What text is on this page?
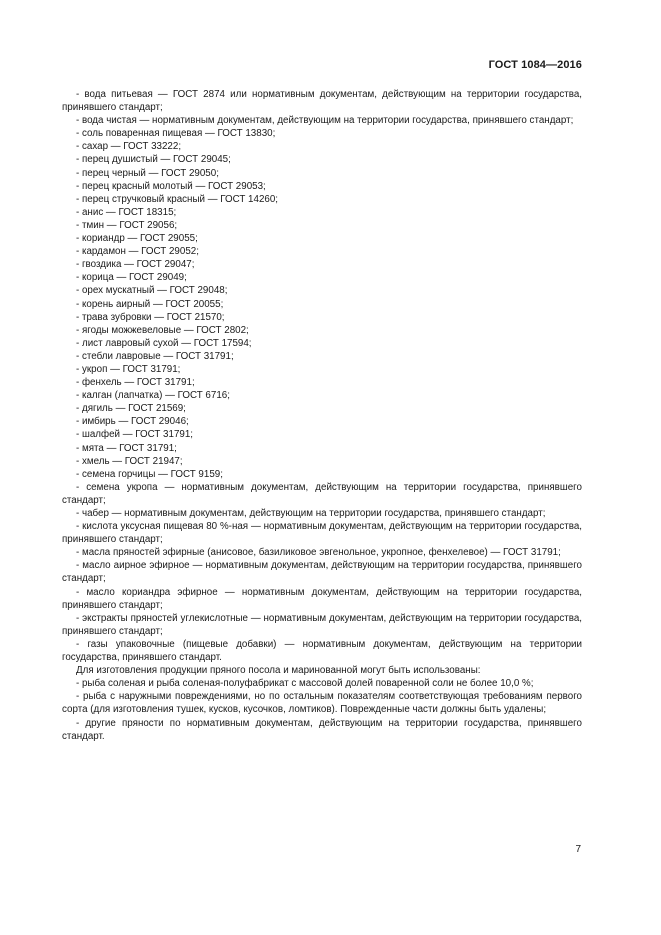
ГОСТ 1084—2016

- вода питьевая — ГОСТ 2874 или нормативным документам, действующим на территории государства, принявшего стандарт;

- вода чистая — нормативным документам, действующим на территории государства, принявшего стандарт;

- соль поваренная пищевая — ГОСТ 13830;

- сахар — ГОСТ 33222;

- перец душистый — ГОСТ 29045;

- перец черный — ГОСТ 29050;

- перец красный молотый — ГОСТ 29053;

- перец стручковый красный — ГОСТ 14260;

- анис — ГОСТ 18315;

- тмин — ГОСТ 29056;

- кориандр — ГОСТ 29055;

- кардамон — ГОСТ 29052;

- гвоздика — ГОСТ 29047;

- корица — ГОСТ 29049;

- орех мускатный — ГОСТ 29048;

- корень аирный — ГОСТ 20055;

- трава зубровки — ГОСТ 21570;

- ягоды можжевеловые — ГОСТ 2802;

- лист лавровый сухой — ГОСТ 17594;

- стебли лавровые — ГОСТ 31791;

- укроп — ГОСТ 31791;

- фенхель — ГОСТ 31791;

- калган (лапчатка) — ГОСТ 6716;

- дягиль — ГОСТ 21569;

- имбирь — ГОСТ 29046;

- шалфей — ГОСТ 31791;

- мята — ГОСТ 31791;

- хмель — ГОСТ 21947;

- семена горчицы — ГОСТ 9159;

- семена укропа — нормативным документам, действующим на территории государства, принявшего стандарт;

- чабер — нормативным документам, действующим на территории государства, принявшего стандарт;

- кислота уксусная пищевая 80 %-ная — нормативным документам, действующим на территории государства, принявшего стандарт;

- масла пряностей эфирные (анисовое, базиликовое эвгенольное, укропное, фенхелевое) — ГОСТ 31791;

- масло аирное эфирное — нормативным документам, действующим на территории государства, принявшего стандарт;

- масло кориандра эфирное — нормативным документам, действующим на территории государства, принявшего стандарт;

- экстракты пряностей углекислотные — нормативным документам, действующим на территории государства, принявшего стандарт;

- газы упаковочные (пищевые добавки) — нормативным документам, действующим на территории государства, принявшего стандарт.

Для изготовления продукции пряного посола и маринованной могут быть использованы:

- рыба соленая и рыба соленая-полуфабрикат с массовой долей поваренной соли не более 10,0 %;

- рыба с наружными повреждениями, но по остальным показателям соответствующая требованиям первого сорта (для изготовления тушек, кусков, кусочков, ломтиков). Поврежденные части должны быть удалены;

- другие пряности по нормативным документам, действующим на территории государства, принявшего стандарт.

7
